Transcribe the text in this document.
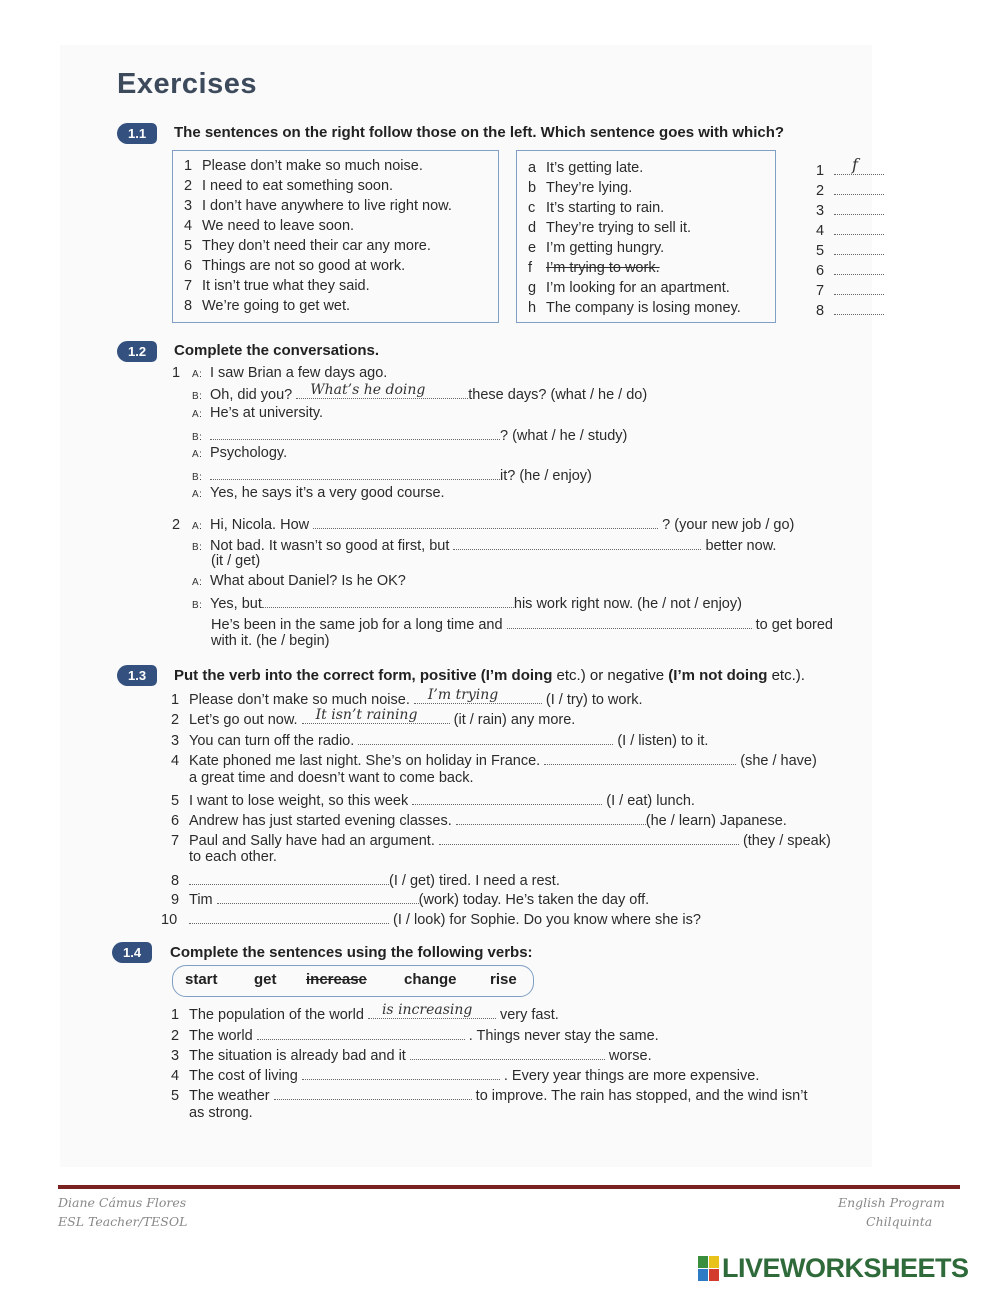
Exercises
1.1	The sentences on the right follow those on the left. Which sentence goes with which?
1 Please don’t make so much noise.
2 I need to eat something soon.
3 I don’t have anywhere to live right now.
4 We need to leave soon.
5 They don’t need their car any more.
6 Things are not so good at work.
7 It isn’t true what they said.
8 We’re going to get wet.
a It’s getting late.
b They’re lying.
c It’s starting to rain.
d They’re trying to sell it.
e I’m getting hungry.
f I’m trying to work.
g I’m looking for an apartment.
h The company is losing money.
1 f
2
3
4
5
6
7
8
1.2	Complete the conversations.
1 A: I saw Brian a few days ago.
B: Oh, did you? What’s he doing	these days? (what / he / do)
A: He’s at university.
B:	? (what / he / study)
A: Psychology.
B:	it? (he / enjoy)
A: Yes, he says it’s a very good course.
2 A: Hi, Nicola. How	? (your new job / go)
B: Not bad. It wasn’t so good at first, but	better now.
(it / get)
A: What about Daniel? Is he OK?
B: Yes, but	his work right now. (he / not / enjoy)
He’s been in the same job for a long time and	to get bored
with it. (he / begin)
1.3	Put the verb into the correct form, positive (I’m doing etc.) or negative (I’m not doing etc.).
1 Please don’t make so much noise. I’m trying	(I / try) to work.
2 Let’s go out now. It isn’t raining (it / rain) any more.
3 You can turn off the radio.	(I / listen) to it.
4 Kate phoned me last night. She’s on holiday in France.	(she / have)
a great time and doesn’t want to come back.
5 I want to lose weight, so this week	(I / eat) lunch.
6 Andrew has just started evening classes.	(he / learn) Japanese.
7 Paul and Sally have had an argument.	(they / speak)
to each other.
8	(I / get) tired. I need a rest.
9 Tim	(work) today. He’s taken the day off.
10	(I / look) for Sophie. Do you know where she is?
1.4	Complete the sentences using the following verbs:
start get increase change rise
1 The population of the world is increasing very fast.
2 The world	. Things never stay the same.
3 The situation is already bad and it	worse.
4 The cost of living	. Every year things are more expensive.
5 The weather	to improve. The rain has stopped, and the wind isn’t
as strong.
Diane Cámus Flores
ESL Teacher/TESOL
English Program
Chilquinta
LIVEWORKSHEETS
